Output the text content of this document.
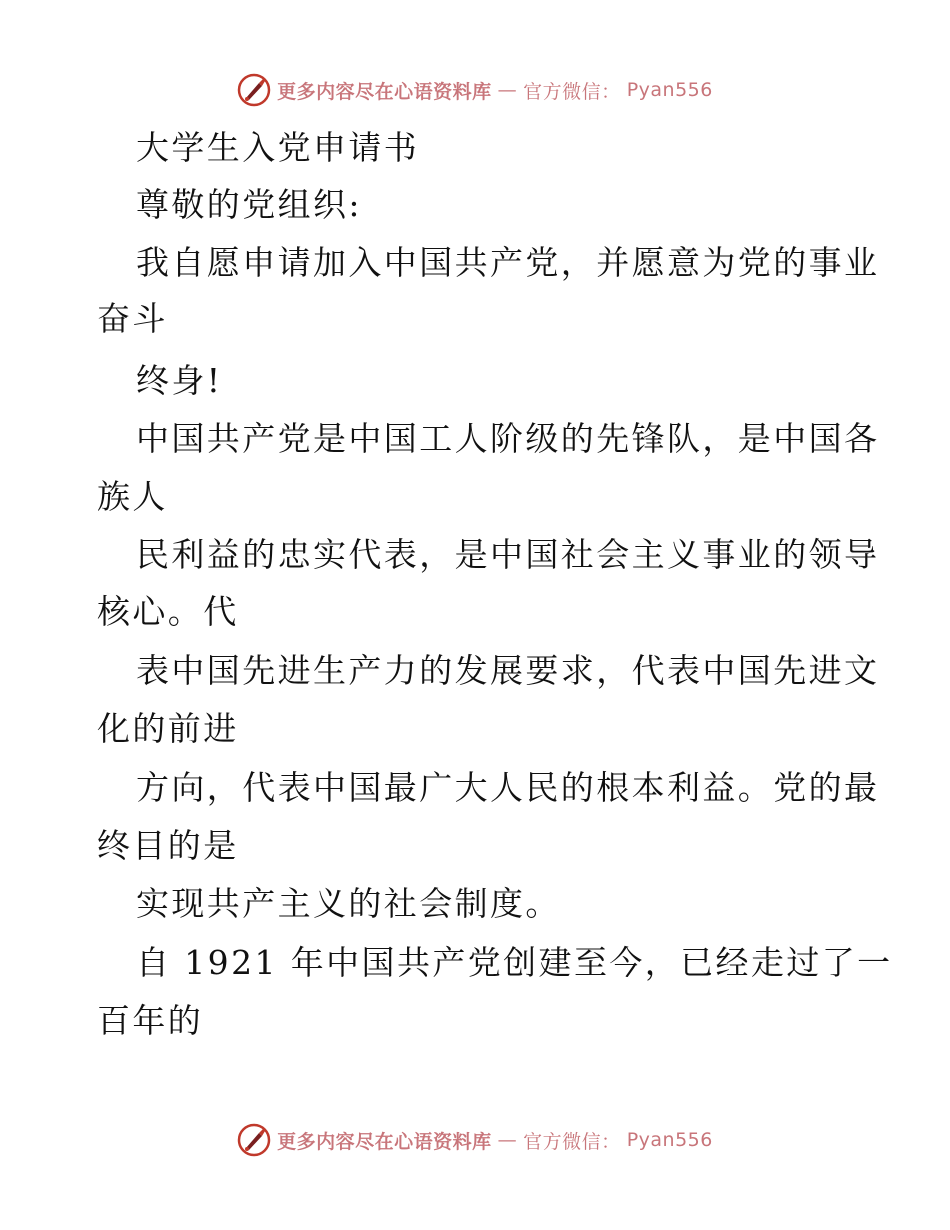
更多内容尽在心语资料库 — 官方微信： Pyan556
大学生入党申请书
尊敬的党组织:
我自愿申请加入中国共产党，并愿意为党的事业
奋斗
终身!
中国共产党是中国工人阶级的先锋队，是中国各
族人
民利益的忠实代表，是中国社会主义事业的领导
核心。代
表中国先进生产力的发展要求，代表中国先进文
化的前进
方向，代表中国最广大人民的根本利益。党的最
终目的是
实现共产主义的社会制度。
自 1921 年中国共产党创建至今，已经走过了一
百年的
更多内容尽在心语资料库 — 官方微信： Pyan556
